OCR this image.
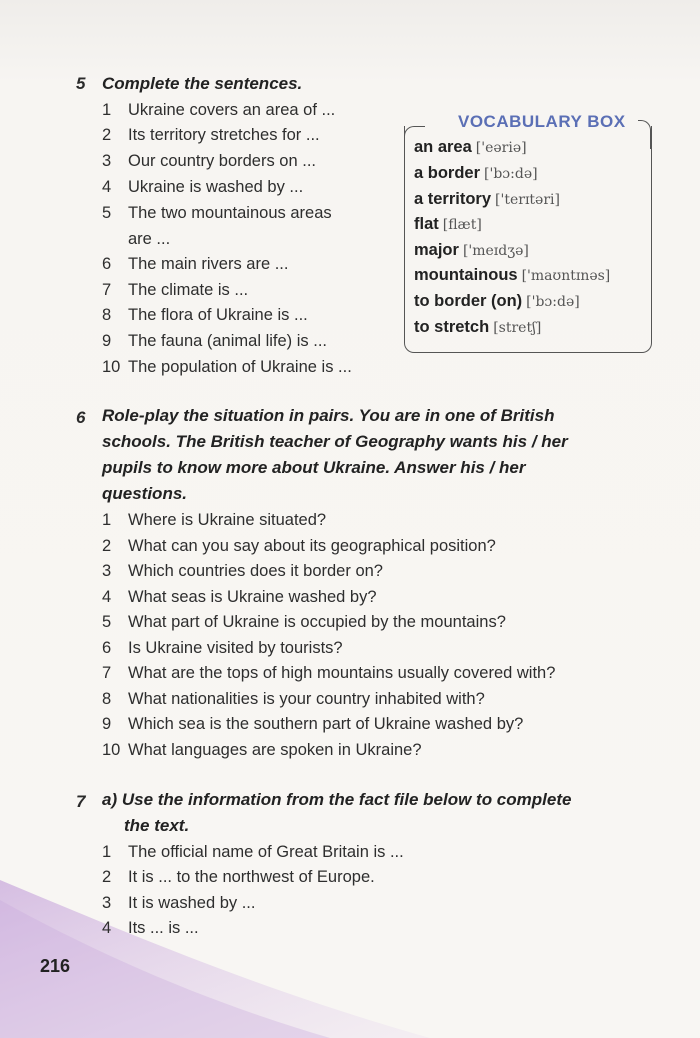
5 Complete the sentences.
1 Ukraine covers an area of ...
2 Its territory stretches for ...
3 Our country borders on ...
4 Ukraine is washed by ...
5 The two mountainous areas
are ...
6 The main rivers are ...
7 The climate is ...
8 The flora of Ukraine is ...
9 The fauna (animal life) is ...
10 The population of Ukraine is ...
VOCABULARY BOX
an area ['eəriə]
a border ['bɔ:də]
a territory ['terɪtəri]
flat [flæt]
major ['meɪdʒə]
mountainous ['maʊntɪnəs]
to border (on) ['bɔ:də]
to stretch [stretʃ]
6 Role-play the situation in pairs. You are in one of British
schools. The British teacher of Geography wants his / her
pupils to know more about Ukraine. Answer his / her
questions.
1 Where is Ukraine situated?
2 What can you say about its geographical position?
3 Which countries does it border on?
4 What seas is Ukraine washed by?
5 What part of Ukraine is occupied by the mountains?
6 Is Ukraine visited by tourists?
7 What are the tops of high mountains usually covered with?
8 What nationalities is your country inhabited with?
9 Which sea is the southern part of Ukraine washed by?
10 What languages are spoken in Ukraine?
7 a) Use the information from the fact file below to complete
the text.
1 The official name of Great Britain is ...
2 It is ... to the northwest of Europe.
3 It is washed by ...
4 Its ... is ...
216
